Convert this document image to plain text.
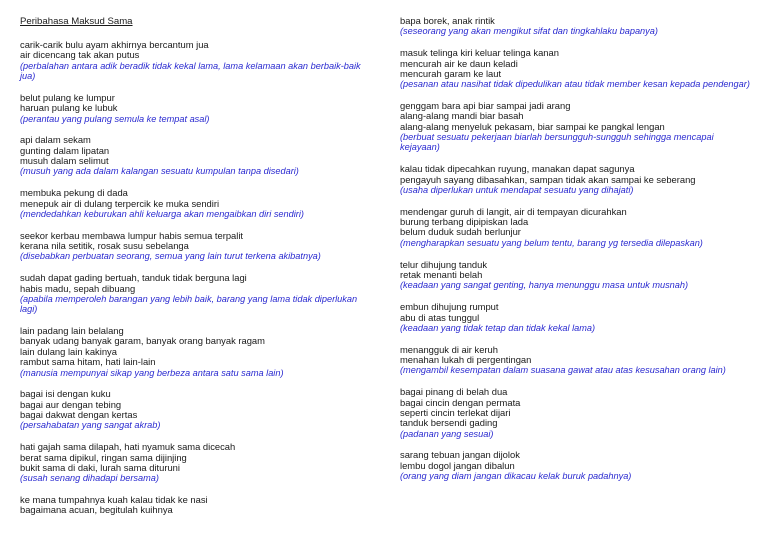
Peribahasa Maksud Sama
carik-carik bulu ayam akhirnya bercantum jua
air dicencang tak akan putus
(perbalahan antara adik beradik tidak kekal lama, lama kelamaan akan berbaik-baik jua)
belut pulang ke lumpur
haruan pulang ke lubuk
(perantau yang pulang semula ke tempat asal)
api dalam sekam
gunting dalam lipatan
musuh dalam selimut
(musuh yang ada dalam kalangan sesuatu kumpulan tanpa disedari)
membuka pekung di dada
menepuk air di dulang terpercik ke muka sendiri
(mendedahkan keburukan ahli keluarga akan mengaibkan diri sendiri)
seekor kerbau membawa lumpur habis semua terpalit
kerana nila setitik, rosak susu sebelanga
(disebabkan perbuatan seorang, semua yang lain turut terkena akibatnya)
sudah dapat gading bertuah, tanduk tidak berguna lagi
habis madu, sepah dibuang
(apabila memperoleh barangan yang lebih baik, barang yang lama tidak diperlukan lagi)
lain padang lain belalang
banyak udang banyak garam, banyak orang banyak ragam
lain dulang lain kakinya
rambut sama hitam, hati lain-lain
(manusia mempunyai sikap yang berbeza antara satu sama lain)
bagai isi dengan kuku
bagai aur dengan tebing
bagai dakwat dengan kertas
(persahabatan yang sangat akrab)
hati gajah sama dilapah, hati nyamuk sama dicecah
berat sama dipikul, ringan sama dijinjing
bukit sama di daki, lurah sama dituruni
(susah senang dihadapi bersama)
ke mana tumpahnya kuah kalau tidak ke nasi
bagaimana acuan, begitulah kuihnya
bapa borek, anak rintik
(seseorang yang akan mengikut sifat dan tingkahlaku bapanya)
masuk telinga kiri keluar telinga kanan
mencurah air ke daun keladi
mencurah garam ke laut
(pesanan atau nasihat tidak dipedulikan atau tidak member kesan kepada pendengar)
genggam bara api biar sampai jadi arang
alang-alang mandi biar basah
alang-alang menyeluk pekasam, biar sampai ke pangkal lengan
(berbuat sesuatu pekerjaan biarlah bersungguh-sungguh sehingga mencapai kejayaan)
kalau tidak dipecahkan ruyung, manakan dapat sagunya
pengayuh sayang dibasahkan, sampan tidak akan sampai ke seberang
(usaha diperlukan untuk mendapat sesuatu yang dihajati)
mendengar guruh di langit, air di tempayan dicurahkan
burung terbang dipipiskan lada
belum duduk sudah berlunjur
(mengharapkan sesuatu yang belum tentu, barang yg tersedia dilepaskan)
telur dihujung tanduk
retak menanti belah
(keadaan yang sangat genting, hanya menunggu masa untuk musnah)
embun dihujung rumput
abu di atas tunggul
(keadaan yang tidak tetap dan tidak kekal lama)
menangguk di air keruh
menahan lukah di pergentingan
(mengambil kesempatan dalam suasana gawat atau atas kesusahan orang lain)
bagai pinang di belah dua
bagai cincin dengan permata
seperti cincin terlekat dijari
tanduk bersendi gading
(padanan yang sesuai)
sarang tebuan jangan dijolok
lembu dogol jangan dibalun
(orang yang diam jangan dikacau kelak buruk padahnya)
